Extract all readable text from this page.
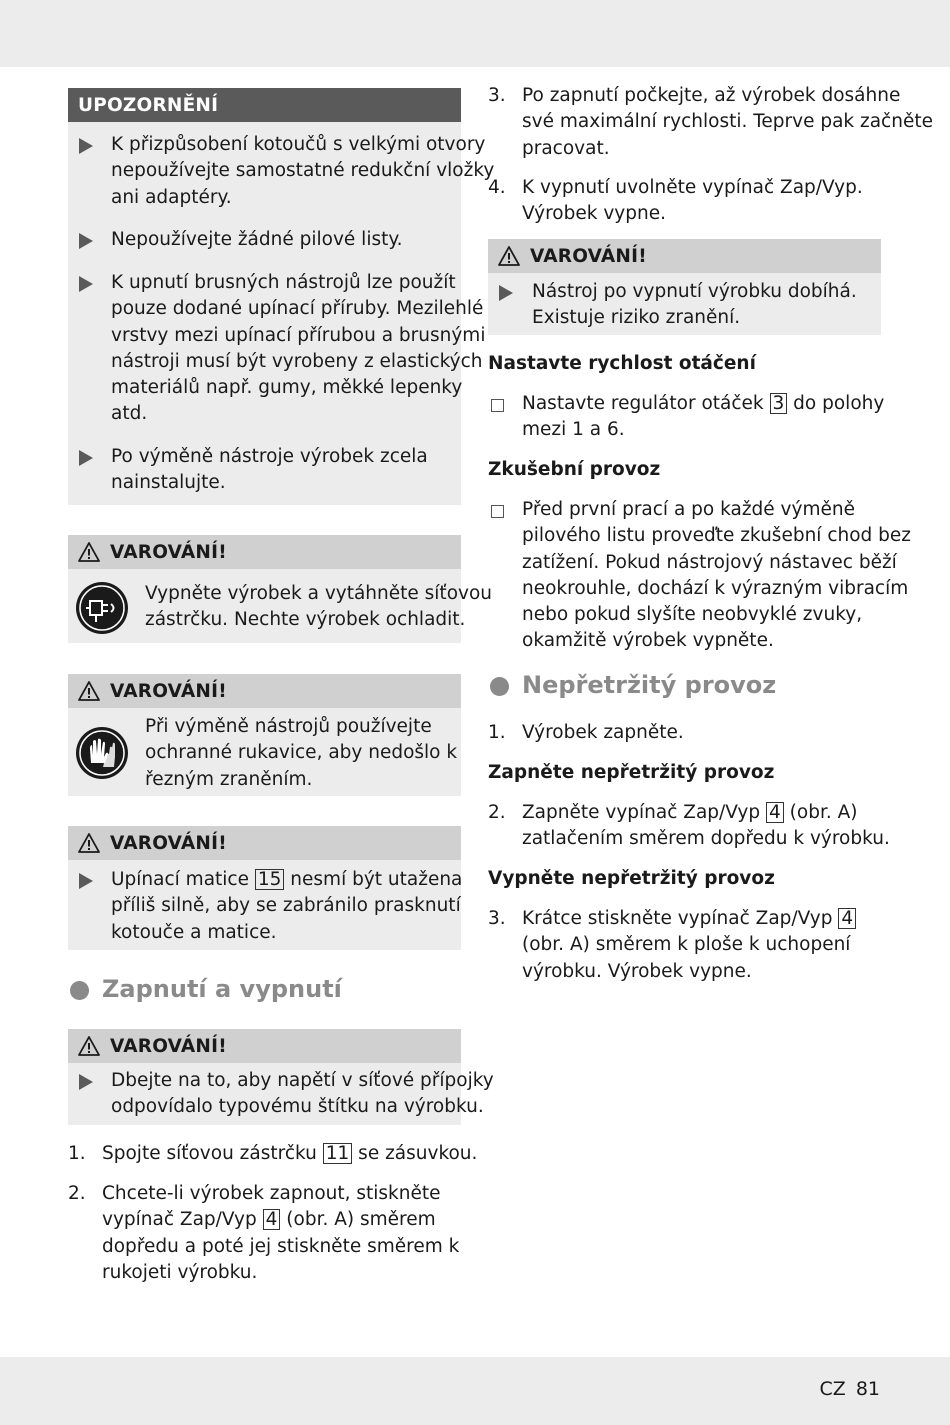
UPOZORNĚNÍ
K přizpůsobení kotoučů s velkými otvory
nepoužívejte samostatné redukční vložky
ani adaptéry.
Nepoužívejte žádné pilové listy.
K upnutí brusných nástrojů lze použít
pouze dodané upínací příruby. Mezilehlé
vrstvy mezi upínací přírubou a brusnými
nástroji musí být vyrobeny z elastických
materiálů např. gumy, měkké lepenky
atd.
Po výměně nástroje výrobek zcela
nainstalujte.
VAROVÁNÍ!
Vypněte výrobek a vytáhněte síťovou
zástrčku. Nechte výrobek ochladit.
VAROVÁNÍ!
Při výměně nástrojů používejte
ochranné rukavice, aby nedošlo k
řezným zraněním.
VAROVÁNÍ!
Upínací matice 15 nesmí být utažena
příliš silně, aby se zabránilo prasknutí
kotouče a matice.
Zapnutí a vypnutí
VAROVÁNÍ!
Dbejte na to, aby napětí v síťové přípojky
odpovídalo typovému štítku na výrobku.
1. Spojte síťovou zástrčku 11 se zásuvkou.
2. Chcete-li výrobek zapnout, stiskněte
vypínač Zap/Vyp 4 (obr. A) směrem
dopředu a poté jej stiskněte směrem k
rukojeti výrobku.
3. Po zapnutí počkejte, až výrobek dosáhne
své maximální rychlosti. Teprve pak začněte
pracovat.
4. K vypnutí uvolněte vypínač Zap/Vyp.
Výrobek vypne.
VAROVÁNÍ!
Nástroj po vypnutí výrobku dobíhá.
Existuje riziko zranění.
Nastavte rychlost otáčení
Nastavte regulátor otáček 3 do polohy
mezi 1 a 6.
Zkušební provoz
Před první prací a po každé výměně
pilového listu proveďte zkušební chod bez
zatížení. Pokud nástrojový nástavec běží
neokrouhle, dochází k výrazným vibracím
nebo pokud slyšíte neobvyklé zvuky,
okamžitě výrobek vypněte.
Nepřetržitý provoz
1. Výrobek zapněte.
Zapněte nepřetržitý provoz
2. Zapněte vypínač Zap/Vyp 4 (obr. A)
zatlačením směrem dopředu k výrobku.
Vypněte nepřetržitý provoz
3. Krátce stiskněte vypínač Zap/Vyp 4
(obr. A) směrem k ploše k uchopení
výrobku. Výrobek vypne.
CZ 81
